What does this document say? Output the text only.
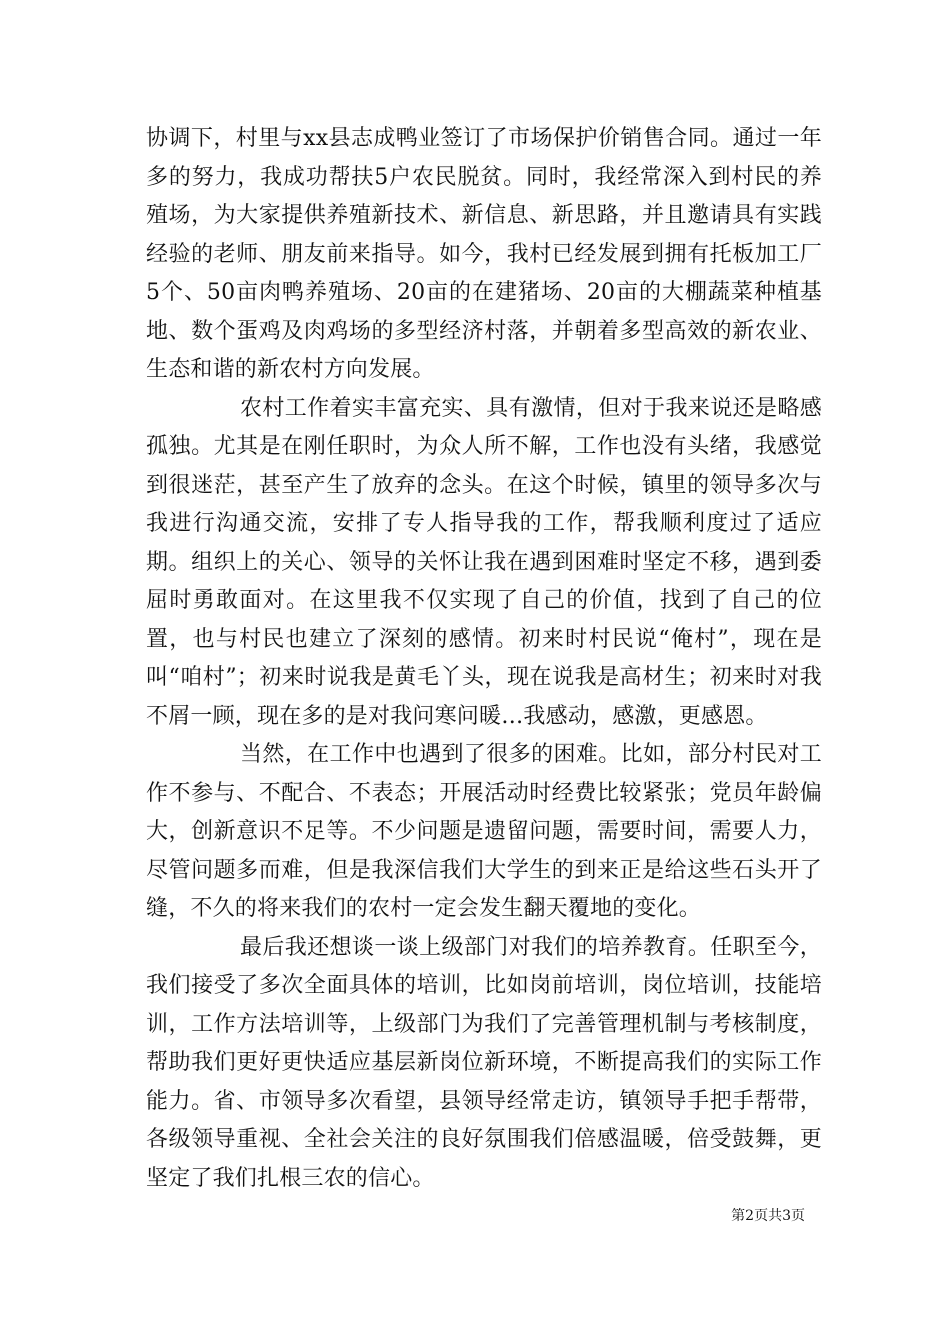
协调下，村里与xx县志成鸭业签订了市场保护价销售合同。通过一年多的努力，我成功帮扶5户农民脱贫。同时，我经常深入到村民的养殖场，为大家提供养殖新技术、新信息、新思路，并且邀请具有实践经验的老师、朋友前来指导。如今，我村已经发展到拥有托板加工厂5个、50亩肉鸭养殖场、20亩的在建猪场、20亩的大棚蔬菜种植基地、数个蛋鸡及肉鸡场的多型经济村落，并朝着多型高效的新农业、生态和谐的新农村方向发展。

农村工作着实丰富充实、具有激情，但对于我来说还是略感孤独。尤其是在刚任职时，为众人所不解，工作也没有头绪，我感觉到很迷茫，甚至产生了放弃的念头。在这个时候，镇里的领导多次与我进行沟通交流，安排了专人指导我的工作，帮我顺利度过了适应期。组织上的关心、领导的关怀让我在遇到困难时坚定不移，遇到委屈时勇敢面对。在这里我不仅实现了自己的价值，找到了自己的位置，也与村民也建立了深刻的感情。初来时村民说“俺村”，现在是叫“咱村”；初来时说我是黄毛丫头，现在说我是高材生；初来时对我不屑一顾，现在多的是对我问寒问暖…我感动，感激，更感恩。

当然，在工作中也遇到了很多的困难。比如，部分村民对工作不参与、不配合、不表态；开展活动时经费比较紧张；党员年龄偏大，创新意识不足等。不少问题是遗留问题，需要时间，需要人力，尽管问题多而难，但是我深信我们大学生的到来正是给这些石头开了缝，不久的将来我们的农村一定会发生翻天覆地的变化。

最后我还想谈一谈上级部门对我们的培养教育。任职至今，我们接受了多次全面具体的培训，比如岗前培训，岗位培训，技能培训，工作方法培训等，上级部门为我们了完善管理机制与考核制度，帮助我们更好更快适应基层新岗位新环境，不断提高我们的实际工作能力。省、市领导多次看望，县领导经常走访，镇领导手把手帮带，各级领导重视、全社会关注的良好氛围我们倍感温暖，倍受鼓舞，更坚定了我们扎根三农的信心。

第2页共3页
